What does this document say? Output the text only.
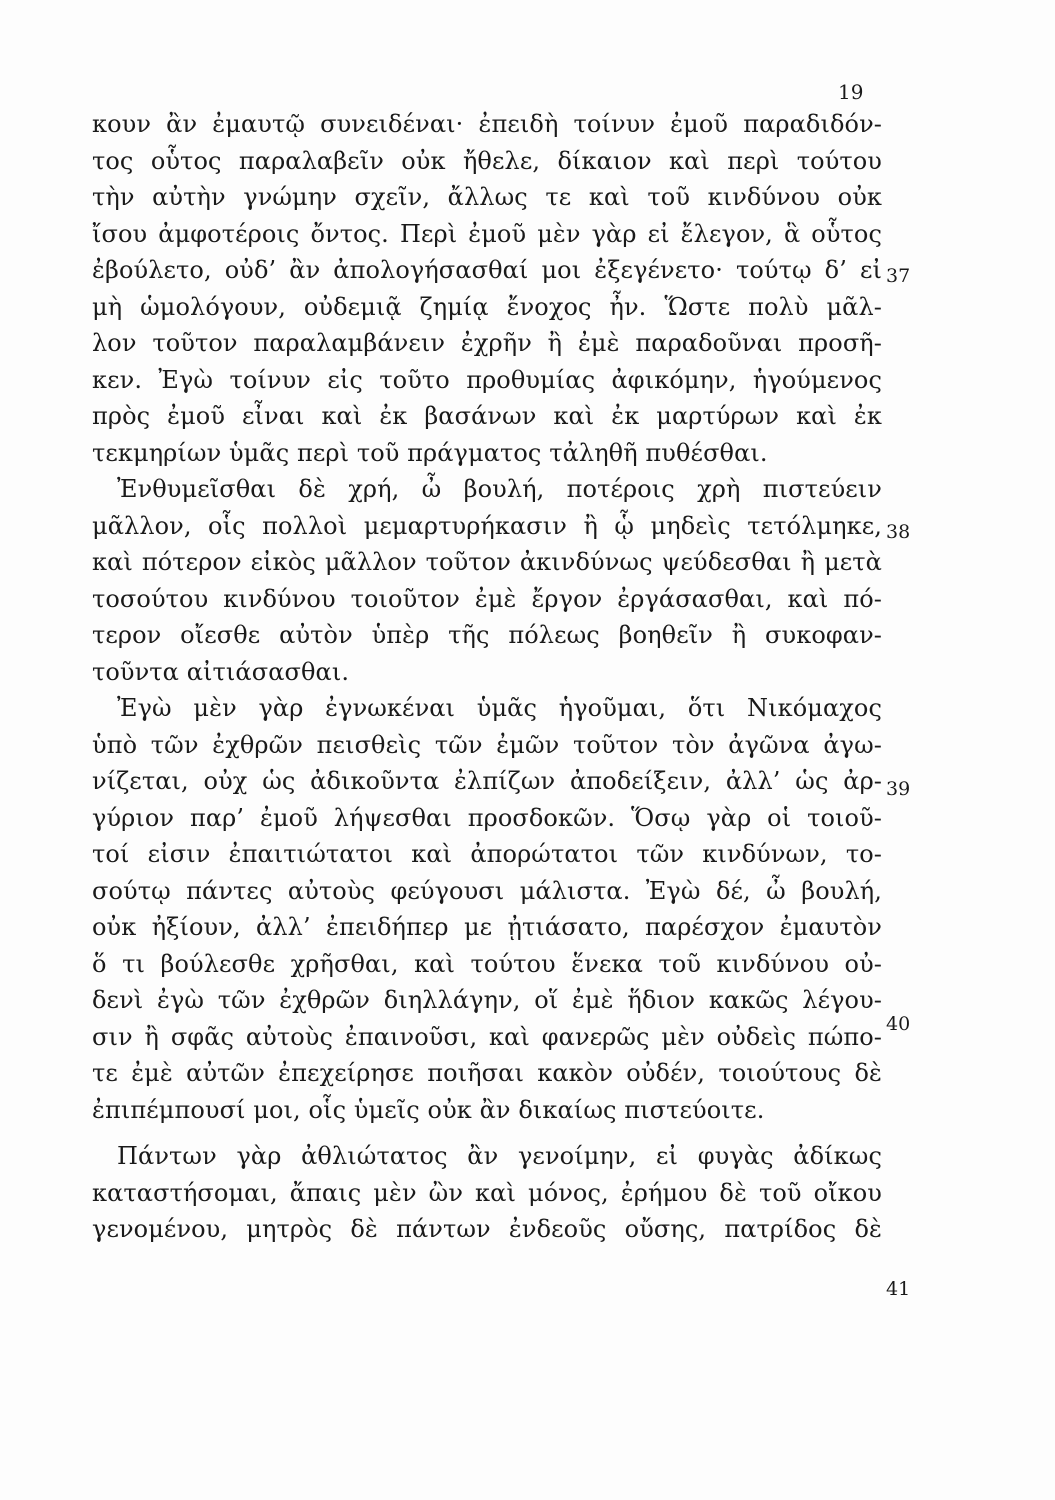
19
κουν ἂν ἐμαυτῷ συνειδέναι· ἐπειδὴ τοίνυν ἐμοῦ παραδιδόν-
τος οὗτος παραλαβεῖν οὐκ ἤθελε, δίκαιον καὶ περὶ τούτου
τὴν αὐτὴν γνώμην σχεῖν, ἄλλως τε καὶ τοῦ κινδύνου οὐκ
ἴσου ἀμφοτέροις ὄντος. Περὶ ἐμοῦ μὲν γὰρ εἰ ἔλεγον, ἃ οὗτος
ἐβούλετο, οὐδ’ ἂν ἀπολογήσασθαί μοι ἐξεγένετο· τούτῳ δ’ εἰ
μὴ ὡμολόγουν, οὐδεμιᾷ ζημίᾳ ἔνοχος ἦν. Ὥστε πολὺ μᾶλ-
λον τοῦτον παραλαμβάνειν ἐχρῆν ἢ ἐμὲ παραδοῦναι προσῆ-
κεν. Ἐγὼ τοίνυν εἰς τοῦτο προθυμίας ἀφικόμην, ἡγούμενος
πρὸς ἐμοῦ εἶναι καὶ ἐκ βασάνων καὶ ἐκ μαρτύρων καὶ ἐκ
τεκμηρίων ὑμᾶς περὶ τοῦ πράγματος τἀληθῆ πυθέσθαι.
Ἐνθυμεῖσθαι δὲ χρή, ὦ βουλή, ποτέροις χρὴ πιστεύειν
μᾶλλον, οἷς πολλοὶ μεμαρτυρήκασιν ἢ ᾧ μηδεὶς τετόλμηκε,
καὶ πότερον εἰκὸς μᾶλλον τοῦτον ἀκινδύνως ψεύδεσθαι ἢ μετὰ
τοσούτου κινδύνου τοιοῦτον ἐμὲ ἔργον ἐργάσασθαι, καὶ πό-
τερον οἴεσθε αὐτὸν ὑπὲρ τῆς πόλεως βοηθεῖν ἢ συκοφαν-
τοῦντα αἰτιάσασθαι.
Ἐγὼ μὲν γὰρ ἐγνωκέναι ὑμᾶς ἡγοῦμαι, ὅτι Νικόμαχος
ὑπὸ τῶν ἐχθρῶν πεισθεὶς τῶν ἐμῶν τοῦτον τὸν ἀγῶνα ἀγω-
νίζεται, οὐχ ὡς ἀδικοῦντα ἐλπίζων ἀποδείξειν, ἀλλ’ ὡς ἀρ-
γύριον παρ’ ἐμοῦ λήψεσθαι προσδοκῶν. Ὅσῳ γὰρ οἱ τοιοῦ-
τοί εἰσιν ἐπαιτιώτατοι καὶ ἀπορώτατοι τῶν κινδύνων, το-
σούτῳ πάντες αὐτοὺς φεύγουσι μάλιστα. Ἐγὼ δέ, ὦ βουλή,
οὐκ ἠξίουν, ἀλλ’ ἐπειδήπερ με ᾐτιάσατο, παρέσχον ἐμαυτὸν
ὅ τι βούλεσθε χρῆσθαι, καὶ τούτου ἕνεκα τοῦ κινδύνου οὐ-
δενὶ ἐγὼ τῶν ἐχθρῶν διηλλάγην, οἵ ἐμὲ ἥδιον κακῶς λέγου-
σιν ἢ σφᾶς αὐτοὺς ἐπαινοῦσι, καὶ φανερῶς μὲν οὐδεὶς πώπο-
τε ἐμὲ αὐτῶν ἐπεχείρησε ποιῆσαι κακὸν οὐδέν, τοιούτους δὲ
ἐπιπέμπουσί μοι, οἷς ὑμεῖς οὐκ ἂν δικαίως πιστεύοιτε.
Πάντων γὰρ ἀθλιώτατος ἂν γενοίμην, εἰ φυγὰς ἀδίκως
καταστήσομαι, ἄπαις μὲν ὢν καὶ μόνος, ἐρήμου δὲ τοῦ οἴκου
γενομένου, μητρὸς δὲ πάντων ἐνδεοῦς οὔσης, πατρίδος δὲ
37
38
39
40
41
